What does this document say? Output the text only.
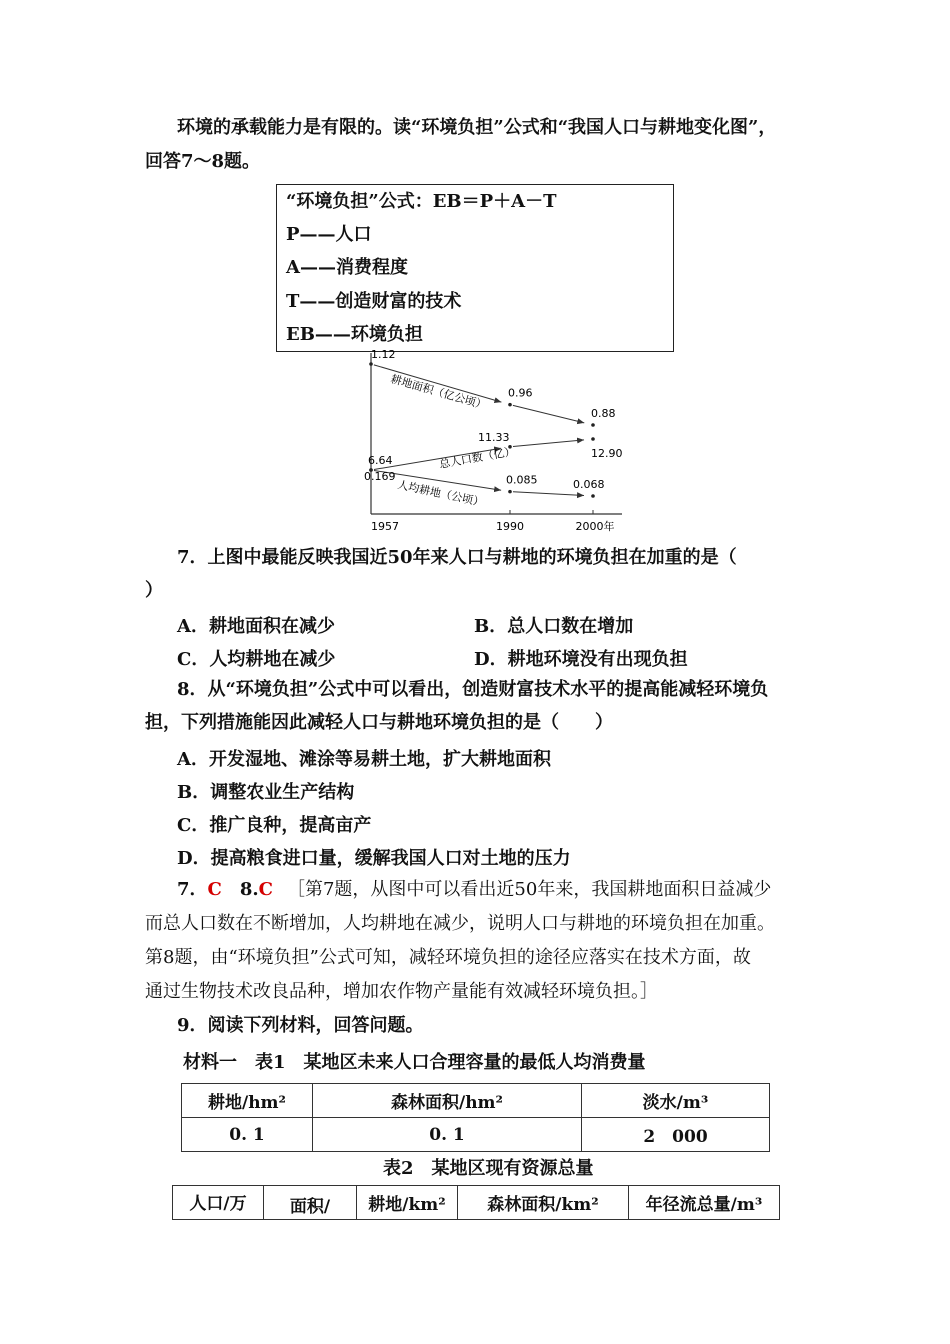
环境的承载能力是有限的。读“环境负担”公式和“我国人口与耕地变化图”，
回答7～8题。
“环境负担”公式：EB＝P＋A－T
P——人口
A——消费程度
T——创造财富的技术
EB——环境负担
1.12
0.96
0.88
6.64
11.33
12.90
0.169	0.085	0.068
1957	1990	2000年
耕地面积（亿公顷）
总人口数（亿）
人均耕地（公顷）
7．上图中最能反映我国近50年来人口与耕地的环境负担在加重的是（
）
A．耕地面积在减少	B．总人口数在增加
C．人均耕地在减少	D．耕地环境没有出现负担
8．从“环境负担”公式中可以看出，创造财富技术水平的提高能减轻环境负
担，下列措施能因此减轻人口与耕地环境负担的是（　　）
A．开发湿地、滩涂等易耕土地，扩大耕地面积
B．调整农业生产结构
C．推广良种，提高亩产
D．提高粮食进口量，缓解我国人口对土地的压力
7．C 8.C ［第7题，从图中可以看出近50年来，我国耕地面积日益减少
而总人口数在不断增加，人均耕地在减少，说明人口与耕地的环境负担在加重。
第8题，由“环境负担”公式可知，减轻环境负担的途径应落实在技术方面，故
通过生物技术改良品种，增加农作物产量能有效减轻环境负担。］
9．阅读下列材料，回答问题。
材料一　表1　某地区未来人口合理容量的最低人均消费量
耕地/hm²	森林面积/hm²	淡水/m³
0. 1	0. 1	2　000
表2　某地区现有资源总量
人口/万	面积/	耕地/km²	森林面积/km²	年径流总量/m³
